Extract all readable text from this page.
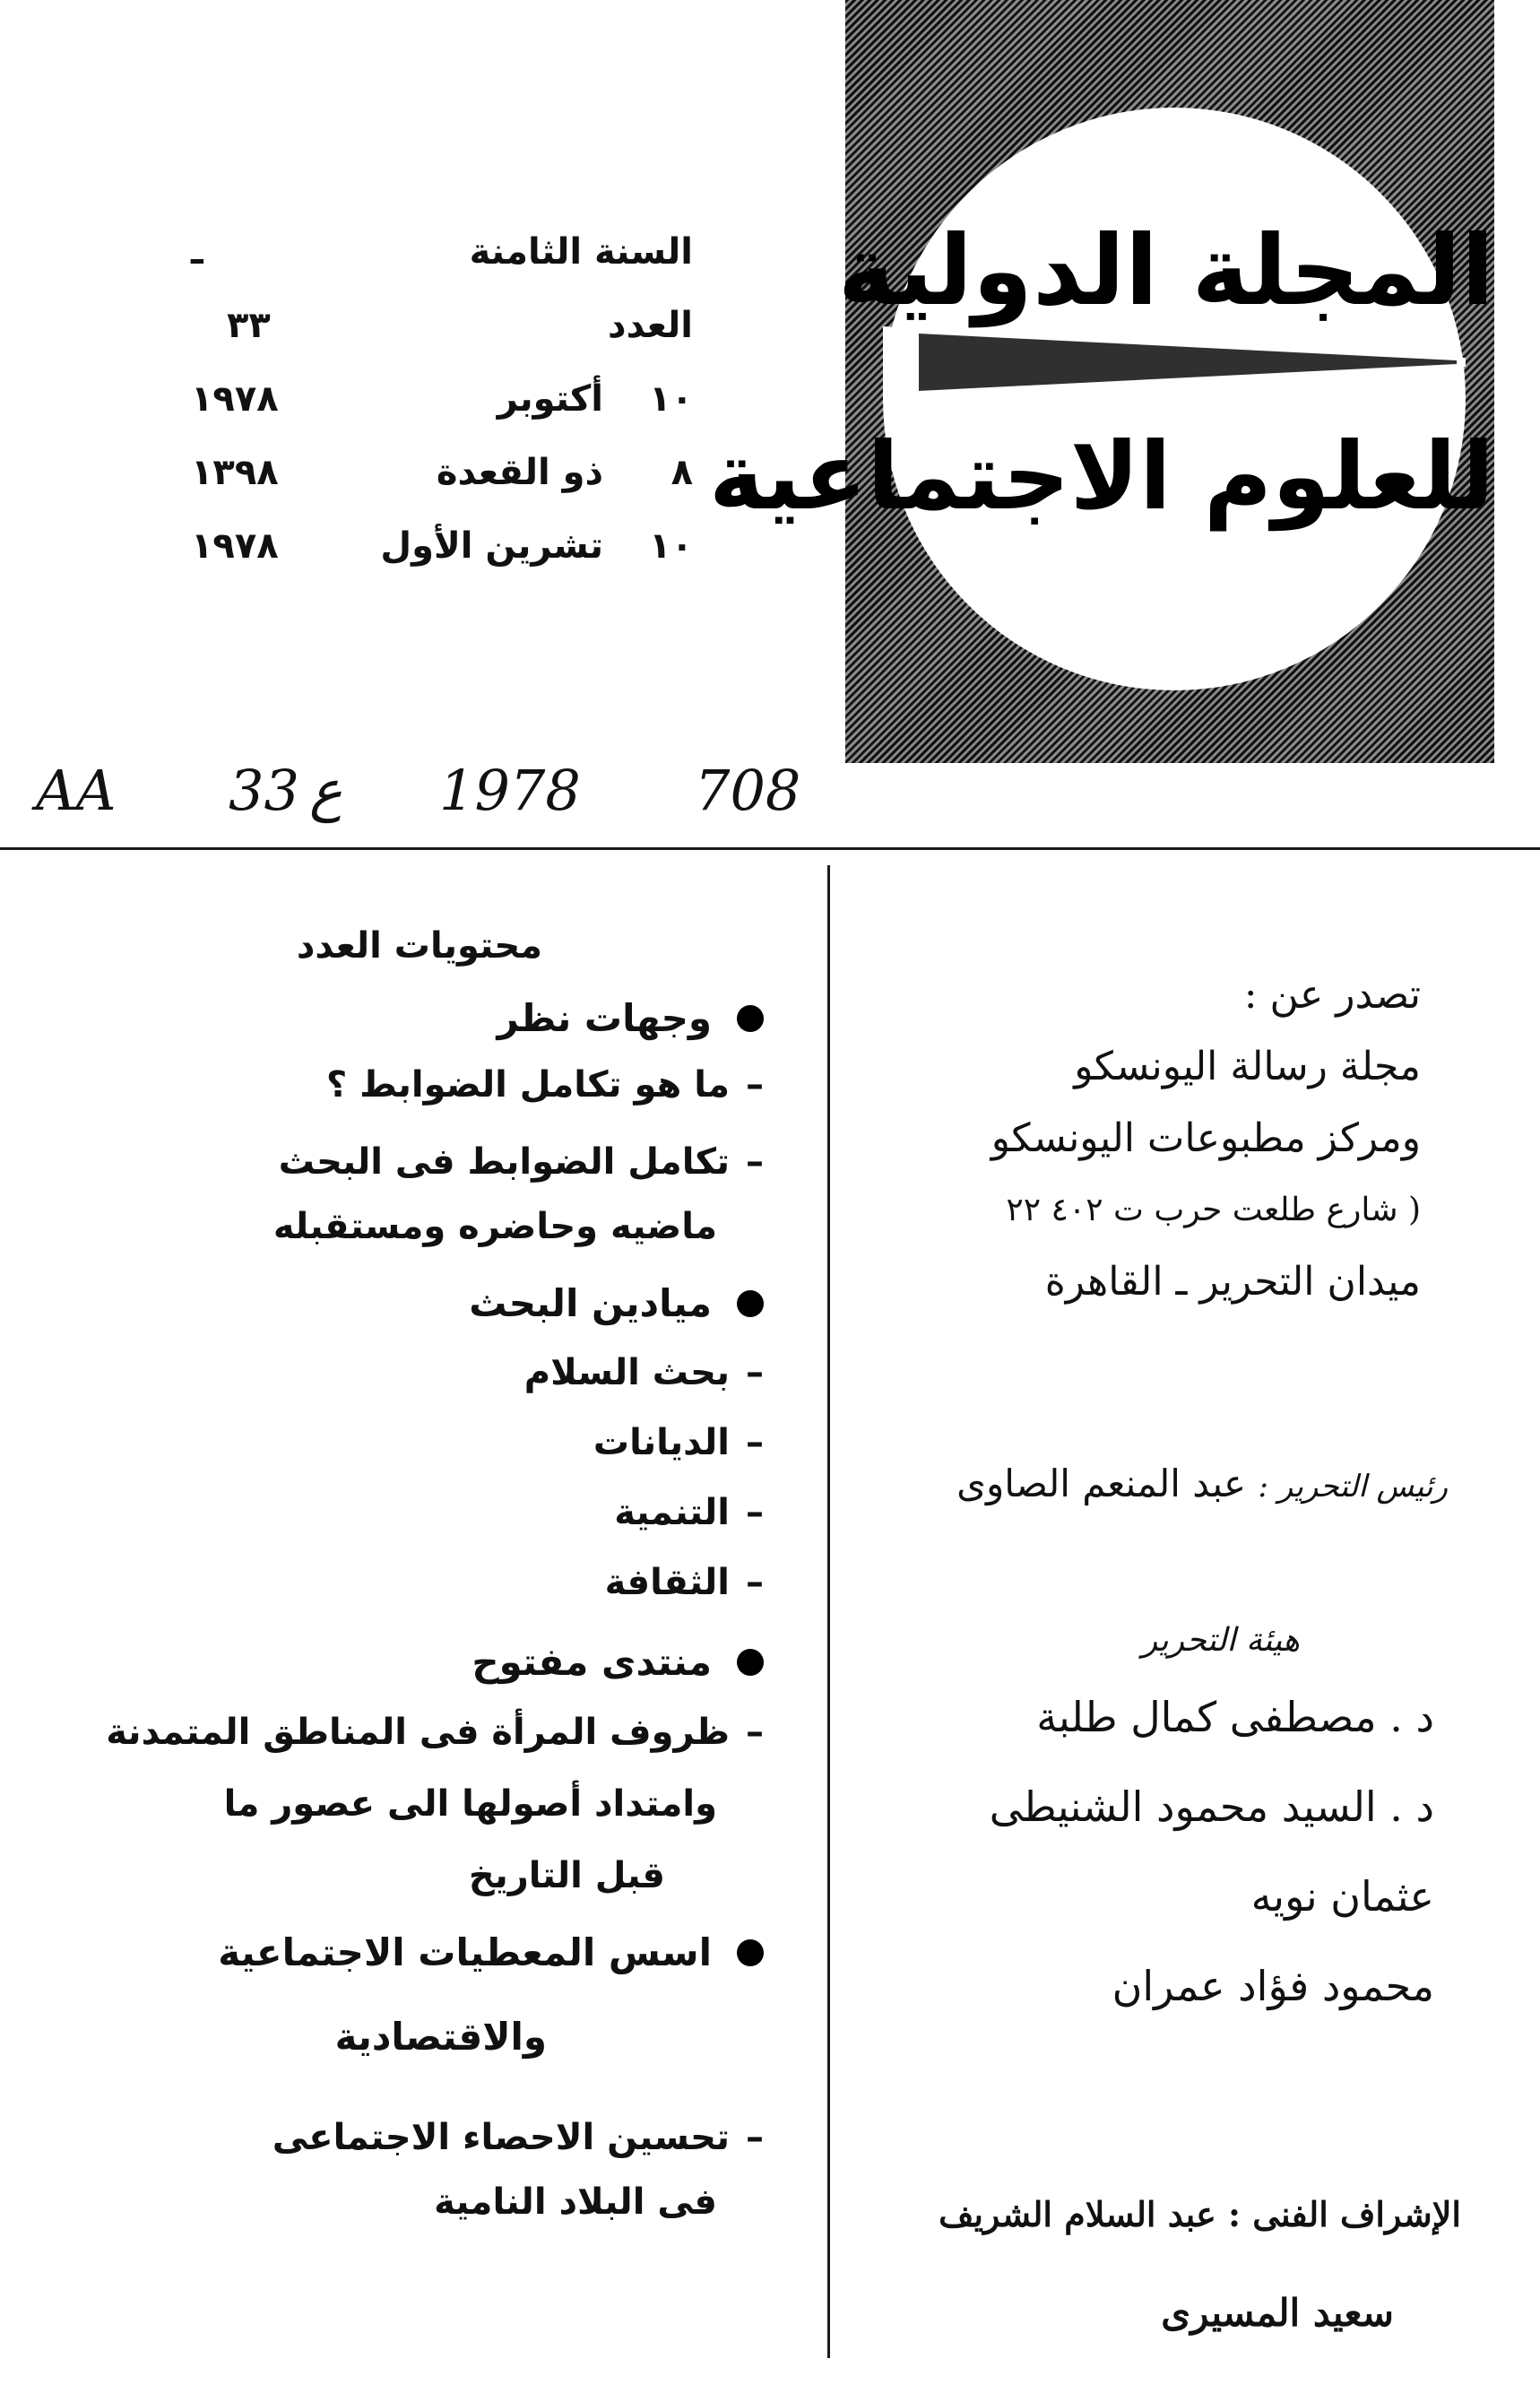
المجلة الدولية
للعلوم الاجتماعية
السنة الثامنة
ـ
العدد
٣٣
١٠
أكتوبر
١٩٧٨
٨
ذو القعدة
١٣٩٨
١٠
تشرين الأول
١٩٧٨
AA 33 ع 1978 708
محتويات العدد
وجهات نظر
–ما هو تكامل الضوابط ؟
–تكامل الضوابط فى البحث
ماضيه وحاضره ومستقبله
ميادين البحث
–بحث السلام
–الديانات
–التنمية
–الثقافة
منتدى مفتوح
–ظروف المرأة فى المناطق المتمدنة
وامتداد أصولها الى عصور ما
قبل التاريخ
اسس المعطيات الاجتماعية
والاقتصادية
–تحسين الاحصاء الاجتماعى
فى البلاد النامية
تصدر عن :
مجلة رسالة اليونسكو
ومركز مطبوعات اليونسكو
( شارع طلعت حرب ت ٤٠٢ ٢٢
ميدان التحرير ـ القاهرة
رئيس التحرير : عبد المنعم الصاوى
هيئة التحرير
د . مصطفى كمال طلبة
د . السيد محمود الشنيطى
عثمان نويه
محمود فؤاد عمران
الإشراف الفنى : عبد السلام الشريف
سعيد المسيرى
